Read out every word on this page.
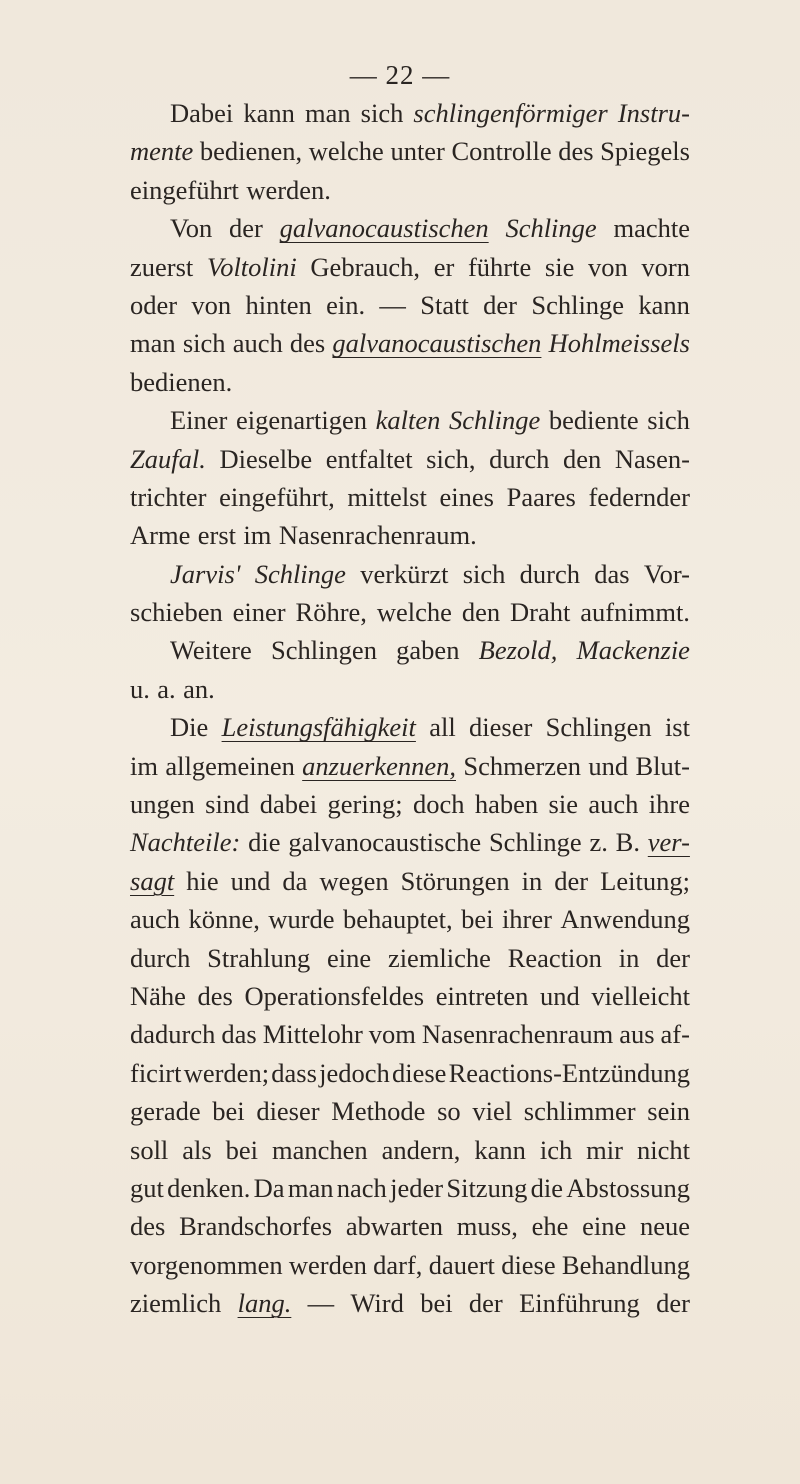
— 22 —
Dabei kann man sich schlingenförmiger Instru-
mente bedienen, welche unter Controlle des Spiegels
eingeführt werden.
Von der galvanocaustischen Schlinge machte
zuerst Voltolini Gebrauch, er führte sie von vorn
oder von hinten ein. — Statt der Schlinge kann
man sich auch des galvanocaustischen Hohlmeissels
bedienen.
Einer eigenartigen kalten Schlinge bediente sich
Zaufal. Dieselbe entfaltet sich, durch den Nasen-
trichter eingeführt, mittelst eines Paares federnder
Arme erst im Nasenrachenraum.
Jarvis' Schlinge verkürzt sich durch das Vor-
schieben einer Röhre, welche den Draht aufnimmt.
Weitere Schlingen gaben Bezold, Mackenzie
u. a. an.
Die Leistungsfähigkeit all dieser Schlingen ist
im allgemeinen anzuerkennen, Schmerzen und Blut-
ungen sind dabei gering; doch haben sie auch ihre
Nachteile: die galvanocaustische Schlinge z. B. ver-
sagt hie und da wegen Störungen in der Leitung;
auch könne, wurde behauptet, bei ihrer Anwendung
durch Strahlung eine ziemliche Reaction in der
Nähe des Operationsfeldes eintreten und vielleicht
dadurch das Mittelohr vom Nasenrachenraum aus af-
ficirt werden; dass jedoch diese Reactions-Entzündung
gerade bei dieser Methode so viel schlimmer sein
soll als bei manchen andern, kann ich mir nicht
gut denken. Da man nach jeder Sitzung die Abstossung
des Brandschorfes abwarten muss, ehe eine neue
vorgenommen werden darf, dauert diese Behandlung
ziemlich lang. — Wird bei der Einführung der
